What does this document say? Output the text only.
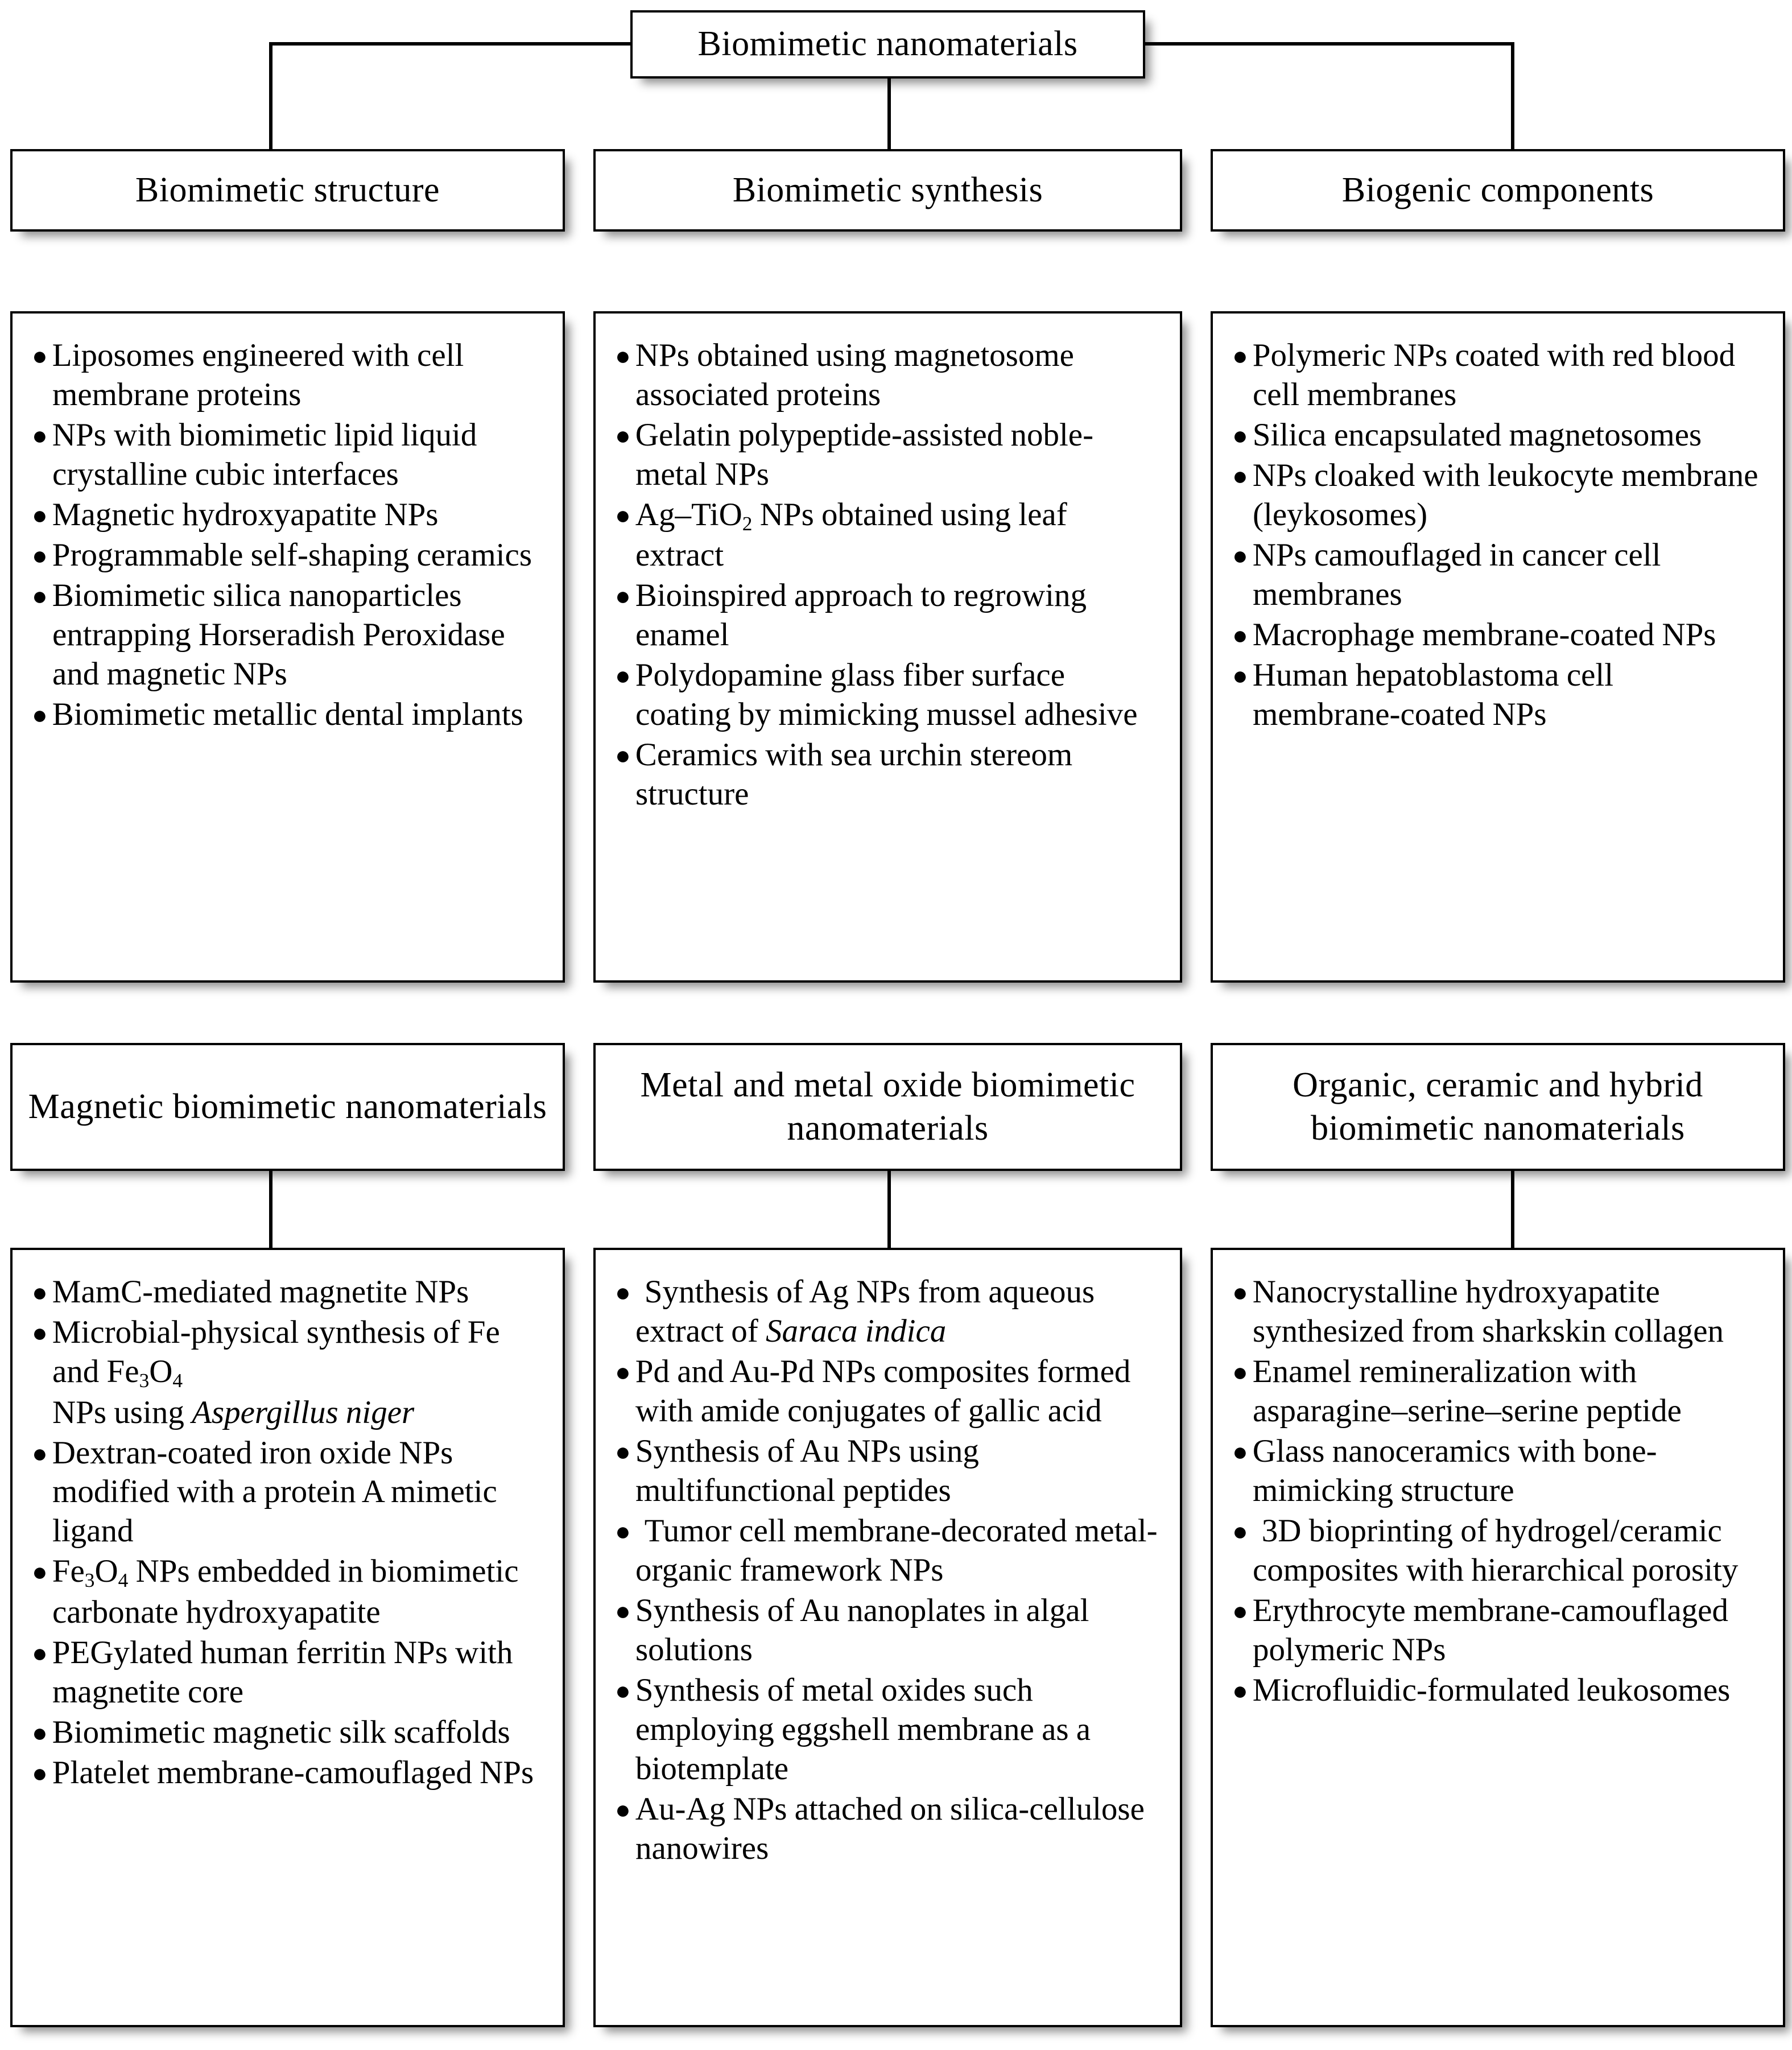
Biomimetic nanomaterials
Biomimetic structure	Biomimetic synthesis	Biogenic components
● Liposomes engineered with cell membrane proteins
● NPs with biomimetic lipid liquid crystalline cubic interfaces
● Magnetic hydroxyapatite NPs
● Programmable self-shaping ceramics
● Biomimetic silica nanoparticles entrapping Horseradish Peroxidase and magnetic NPs
● Biomimetic metallic dental implants
● NPs obtained using magnetosome associated proteins
● Gelatin polypeptide-assisted noble-metal NPs
● Ag–TiO$_2$ NPs obtained using leaf extract
● Bioinspired approach to regrowing enamel
● Polydopamine glass fiber surface coating by mimicking mussel adhesive
● Ceramics with sea urchin stereom structure
● Polymeric NPs coated with red blood cell membranes
● Silica encapsulated magnetosomes
● NPs cloaked with leukocyte membrane (leykosomes)
● NPs camouflaged in cancer cell membranes
● Macrophage membrane-coated NPs
● Human hepatoblastoma cell membrane-coated NPs
Magnetic biomimetic nanomaterials
Metal and metal oxide biomimetic nanomaterials
Organic, ceramic and hybrid biomimetic nanomaterials
● MamC-mediated magnetite NPs
● Microbial-physical synthesis of Fe and $Fe_3O_4$
NPs using Aspergillus niger
● Dextran-coated iron oxide NPs modified with a protein A mimetic ligand
● $Fe_3O_4$ NPs embedded in biomimetic carbonate hydroxyapatite
● PEGylated human ferritin NPs with magnetite core
● Biomimetic magnetic silk scaffolds
● Platelet membrane-camouflaged NPs
● Synthesis of Ag NPs from aqueous extract of Saraca indica
● Pd and Au-Pd NPs composites formed with amide conjugates of gallic acid
● Synthesis of Au NPs using multifunctional peptides
● Tumor cell membrane-decorated metal-organic framework NPs
● Synthesis of Au nanoplates in algal solutions
● Synthesis of metal oxides such employing eggshell membrane as a biotemplate
● Au-Ag NPs attached on silica-cellulose nanowires
● Nanocrystalline hydroxyapatite synthesized from sharkskin collagen
● Enamel remineralization with asparagine–serine–serine peptide
● Glass nanoceramics with bone-mimicking structure
● 3D bioprinting of hydrogel/ceramic composites with hierarchical porosity
● Erythrocyte membrane-camouflaged polymeric NPs
● Microfluidic-formulated leukosomes
